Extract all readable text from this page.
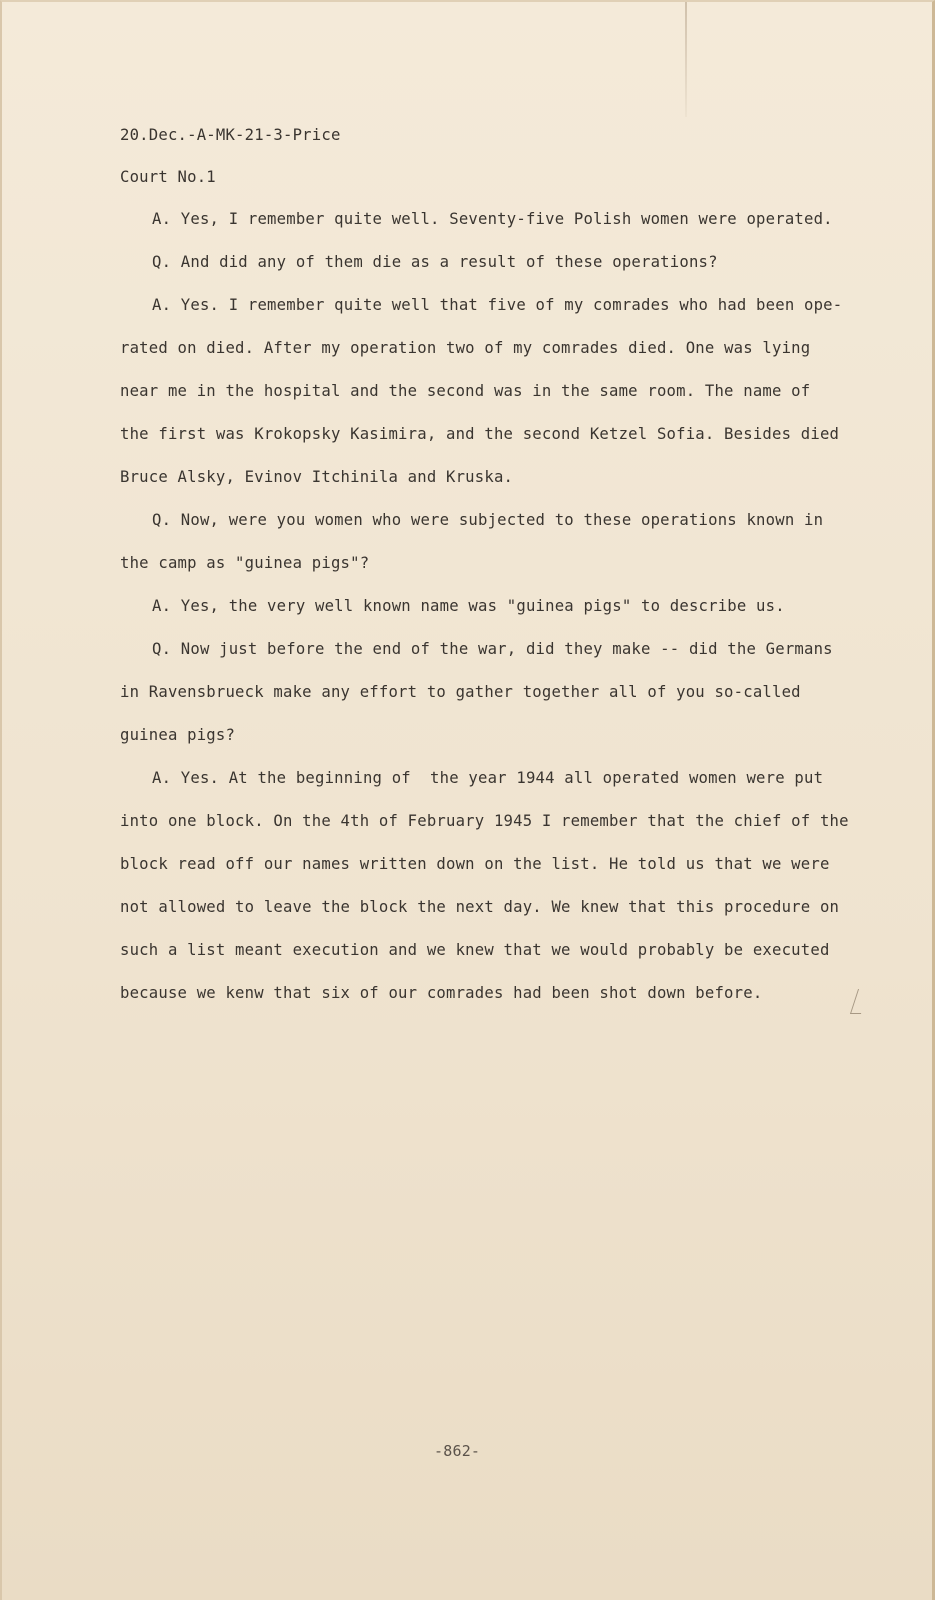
20.Dec.-A-MK-21-3-Price
Court No.1
A. Yes, I remember quite well. Seventy-five Polish women were operated.
Q. And did any of them die as a result of these operations?
A. Yes. I remember quite well that five of my comrades who had been ope-
rated on died. After my operation two of my comrades died. One was lying
near me in the hospital and the second was in the same room. The name of
the first was Krokopsky Kasimira, and the second Ketzel Sofia. Besides died
Bruce Alsky, Evinov Itchinila and Kruska.
Q. Now, were you women who were subjected to these operations known in
the camp as "guinea pigs"?
A. Yes, the very well known name was "guinea pigs" to describe us.
Q. Now just before the end of the war, did they make -- did the Germans
in Ravensbrueck make any effort to gather together all of you so-called
guinea pigs?
A. Yes. At the beginning of  the year 1944 all operated women were put
into one block. On the 4th of February 1945 I remember that the chief of the
block read off our names written down on the list. He told us that we were
not allowed to leave the block the next day. We knew that this procedure on
such a list meant execution and we knew that we would probably be executed
because we kenw that six of our comrades had been shot down before.
-862-
